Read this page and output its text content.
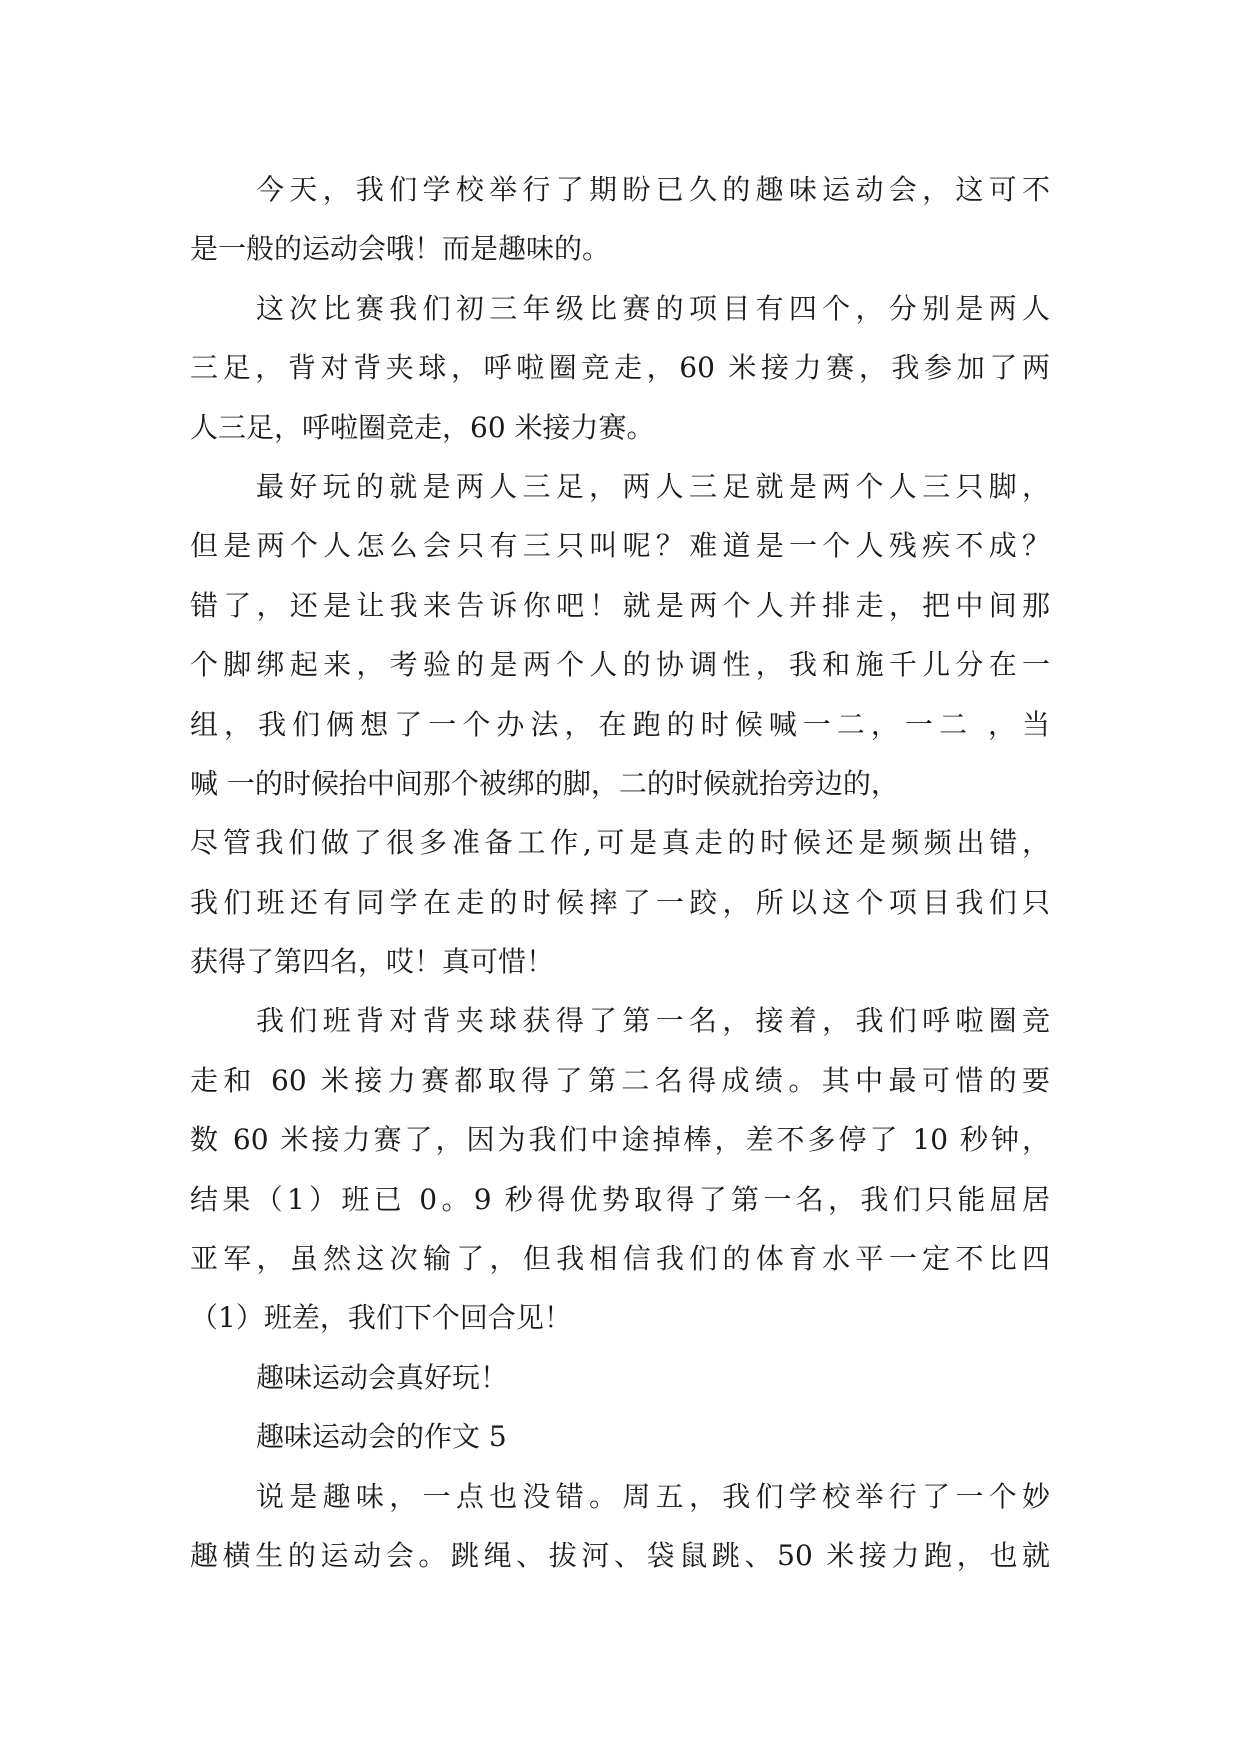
今天，我们学校举行了期盼已久的趣味运动会，这可不
是一般的运动会哦！而是趣味的。
这次比赛我们初三年级比赛的项目有四个，分别是两人
三足，背对背夹球，呼啦圈竞走，60 米接力赛，我参加了两
人三足，呼啦圈竞走，60 米接力赛。
最好玩的就是两人三足，两人三足就是两个人三只脚，
但是两个人怎么会只有三只叫呢？难道是一个人残疾不成？
错了，还是让我来告诉你吧！就是两个人并排走，把中间那
个脚绑起来，考验的是两个人的协调性，我和施千儿分在一
组，我们俩想了一个办法，在跑的时候喊一二，一二 ，当
喊 一的时候抬中间那个被绑的脚，二的时候就抬旁边的，
尽管我们做了很多准备工作,可是真走的时候还是频频出错，
我们班还有同学在走的时候摔了一跤，所以这个项目我们只
获得了第四名，哎！真可惜！
我们班背对背夹球获得了第一名，接着，我们呼啦圈竞
走和 60 米接力赛都取得了第二名得成绩。其中最可惜的要
数 60 米接力赛了，因为我们中途掉棒，差不多停了 10 秒钟，
结果（1）班已 0。9 秒得优势取得了第一名，我们只能屈居
亚军，虽然这次输了，但我相信我们的体育水平一定不比四
（1）班差，我们下个回合见！
趣味运动会真好玩！
趣味运动会的作文 5
说是趣味，一点也没错。周五，我们学校举行了一个妙
趣横生的运动会。跳绳、拔河、袋鼠跳、50 米接力跑，也就
